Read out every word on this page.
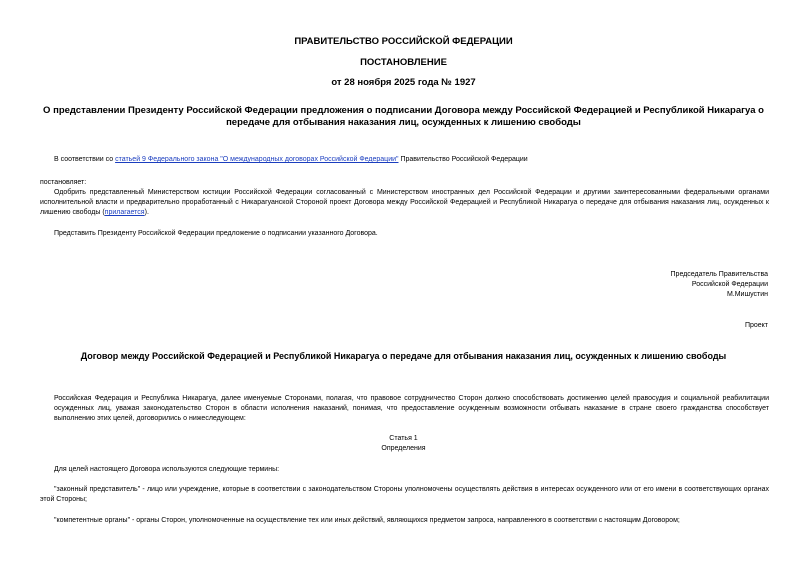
ПРАВИТЕЛЬСТВО РОССИЙСКОЙ ФЕДЕРАЦИИ
ПОСТАНОВЛЕНИЕ
от 28 ноября 2025 года № 1927
О представлении Президенту Российской Федерации предложения о подписании Договора между Российской Федерацией и Республикой Никарагуа о передаче для отбывания наказания лиц, осужденных к лишению свободы
В соответствии со статьей 9 Федерального закона "О международных договорах Российской Федерации" Правительство Российской Федерации
постановляет:
Одобрить представленный Министерством юстиции Российской Федерации согласованный с Министерством иностранных дел Российской Федерации и другими заинтересованными федеральными органами исполнительной власти и предварительно проработанный с Никарагуанской Стороной проект Договора между Российской Федерацией и Республикой Никарагуа о передаче для отбывания наказания лиц, осужденных к лишению свободы (прилагается).
Представить Президенту Российской Федерации предложение о подписании указанного Договора.
Председатель Правительства
Российской Федерации
М.Мишустин
Проект
Договор между Российской Федерацией и Республикой Никарагуа о передаче для отбывания наказания лиц, осужденных к лишению свободы
Российская Федерация и Республика Никарагуа, далее именуемые Сторонами, полагая, что правовое сотрудничество Сторон должно способствовать достижению целей правосудия и социальной реабилитации осужденных лиц, уважая законодательство Сторон в области исполнения наказаний, понимая, что предоставление осужденным возможности отбывать наказание в стране своего гражданства способствует выполнению этих целей, договорились о нижеследующем:
Статья 1
Определения
Для целей настоящего Договора используются следующие термины:
"законный представитель" - лицо или учреждение, которые в соответствии с законодательством Стороны уполномочены осуществлять действия в интересах осужденного или от его имени в соответствующих органах этой Стороны;
"компетентные органы" - органы Сторон, уполномоченные на осуществление тех или иных действий, являющихся предметом запроса, направленного в соответствии с настоящим Договором;
